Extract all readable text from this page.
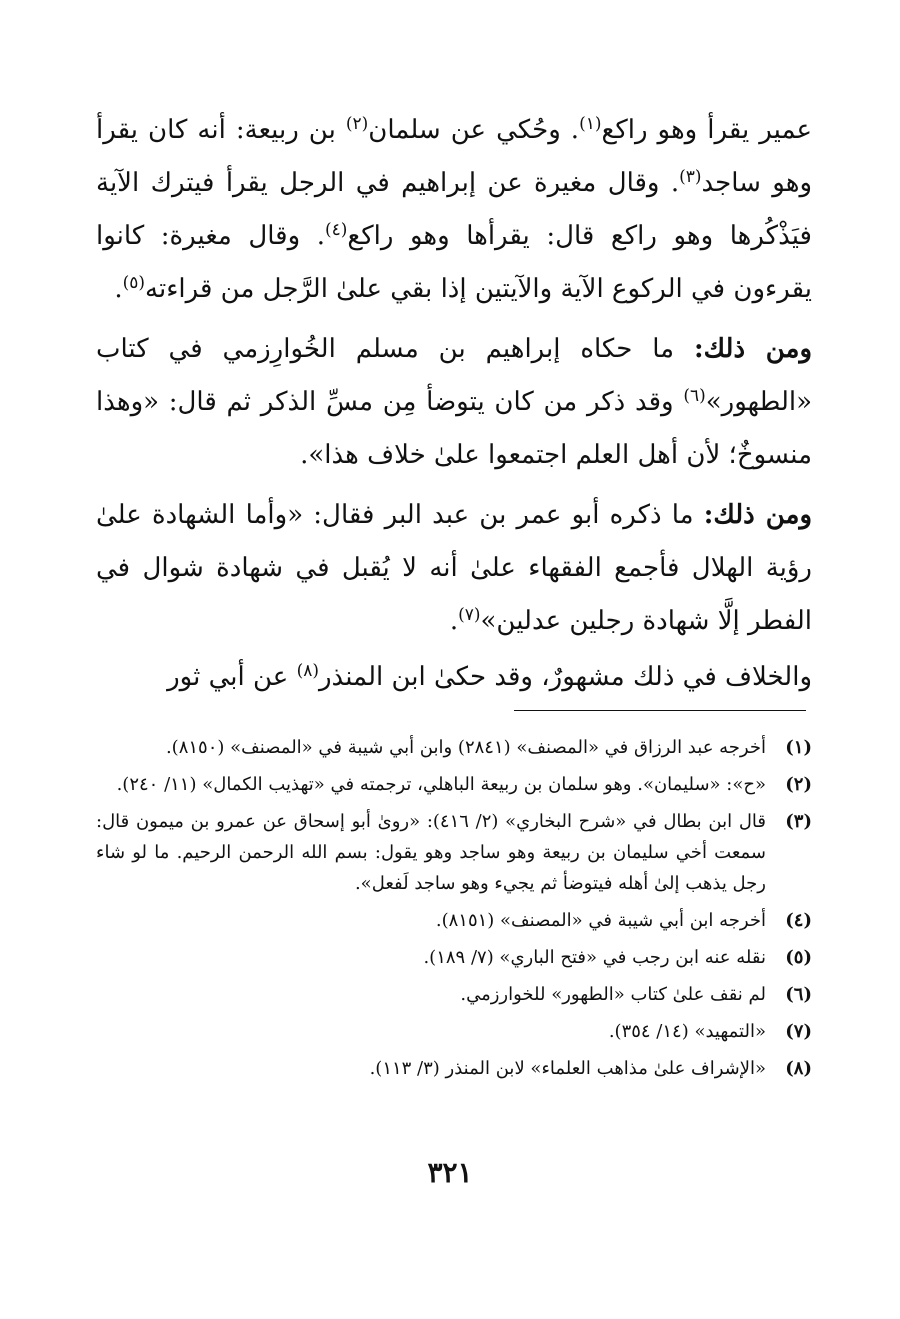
عمير يقرأ وهو راكع$^{(١)}$. وحُكي عن سلمان$^{(٢)}$ بن ربيعة: أنه كان يقرأ وهو ساجد$^{(٣)}$. وقال مغيرة عن إبراهيم في الرجل يقرأ فيترك الآية فيَذْكُرها وهو راكع قال: يقرأها وهو راكع$^{(٤)}$. وقال مغيرة: كانوا يقرءون في الركوع الآية والآيتين إذا بقي علىٰ الرَّجل من قراءته$^{(٥)}$.

ومن ذلك: ما حكاه إبراهيم بن مسلم الخُوارِزمي في كتاب «الطهور»$^{(٦)}$ وقد ذكر من كان يتوضأ مِن مسِّ الذكر ثم قال: «وهذا منسوخٌ؛ لأن أهل العلم اجتمعوا علىٰ خلاف هذا».

ومن ذلك: ما ذكره أبو عمر بن عبد البر فقال: «وأما الشهادة علىٰ رؤية الهلال فأجمع الفقهاء علىٰ أنه لا يُقبل في شهادة شوال في الفطر إلَّا شهادة رجلين عدلين»$^{(٧)}$.

والخلاف في ذلك مشهورٌ، وقد حكىٰ ابن المنذر$^{(٨)}$ عن أبي ثور

(١)
أخرجه عبد الرزاق في «المصنف» (٢٨٤١) وابن أبي شيبة في «المصنف» (٨١٥٠).
(٢)
«ح»: «سليمان». وهو سلمان بن ربيعة الباهلي، ترجمته في «تهذيب الكمال» (١١/ ٢٤٠).
(٣)
قال ابن بطال في «شرح البخاري» (٢/ ٤١٦): «روىٰ أبو إسحاق عن عمرو بن ميمون قال: سمعت أخي سليمان بن ربيعة وهو ساجد وهو يقول: بسم الله الرحمن الرحيم. ما لو شاء رجل يذهب إلىٰ أهله فيتوضأ ثم يجيء وهو ساجد لَفعل».
(٤)
أخرجه ابن أبي شيبة في «المصنف» (٨١٥١).
(٥)
نقله عنه ابن رجب في «فتح الباري» (٧/ ١٨٩).
(٦)
لم نقف علىٰ كتاب «الطهور» للخوارزمي.
(٧)
«التمهيد» (١٤/ ٣٥٤).
(٨)
«الإشراف علىٰ مذاهب العلماء» لابن المنذر (٣/ ١١٣).

٣٢١
